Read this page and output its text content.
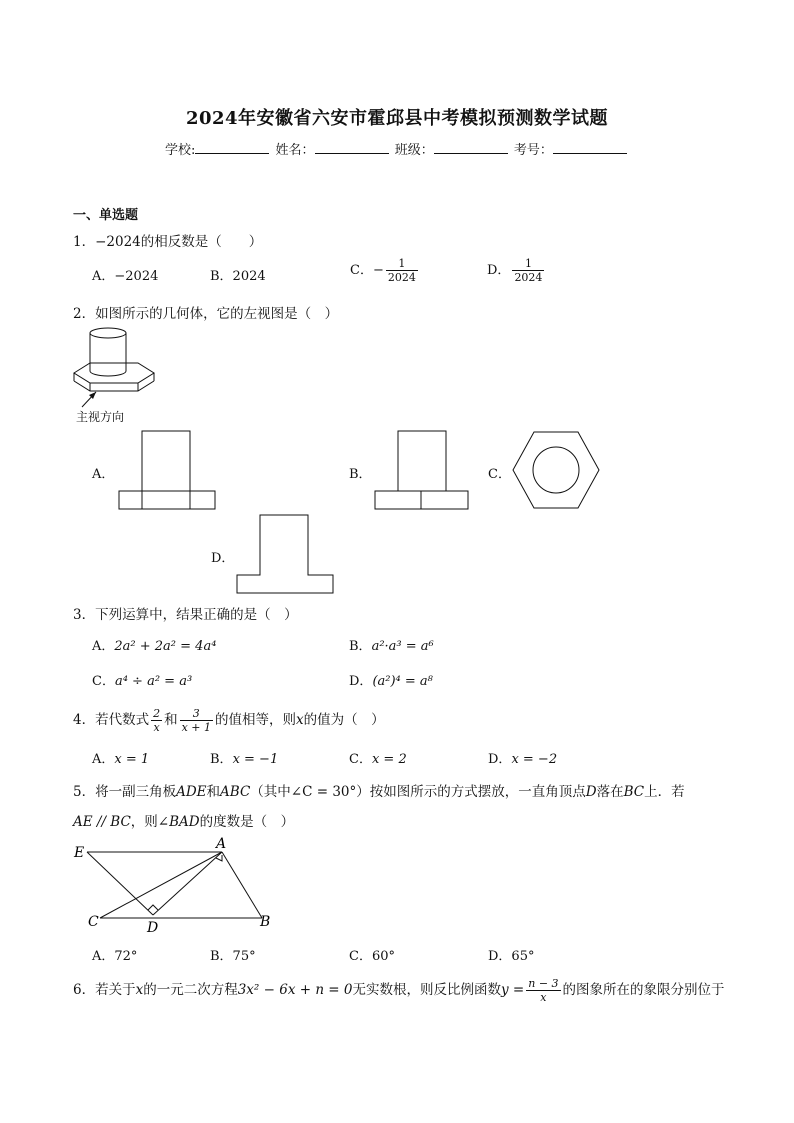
2024年安徽省六安市霍邱县中考模拟预测数学试题
学校:	姓名：	班级：	考号：
一、单选题
1．−2024的相反数是（　　）
A．−2024	B．2024	C．− $\frac{1}{2024}$	D． $\frac{1}{2024}$
2．如图所示的几何体，它的左视图是（　）
主视方向
A．	B．	C．
D．
3．下列运算中，结果正确的是（　）
A．2a² + 2a² = 4a⁴	B．a²·a³ = a⁶
C．a⁴ ÷ a² = a³	D．(a²)⁴ = a⁸
4．若代数式 $\frac{2}{x}$ 和 $\frac{3}{x + 1}$ 的值相等，则x的值为（　）
A．x = 1	B．x = −1	C．x = 2	D．x = −2
5．将一副三角板ADE和ABC（其中∠C = 30°）按如图所示的方式摆放，一直角顶点D落在BC上．若
AE // BC，则∠BAD的度数是（　）
E
A
C	D	B
A．72°	B．75°	C．60°	D．65°
6．若关于x的一元二次方程3x² − 6x + n = 0无实数根，则反比例函数$y = \frac{n - 3}{x}$ 的图象所在的象限分别位于
